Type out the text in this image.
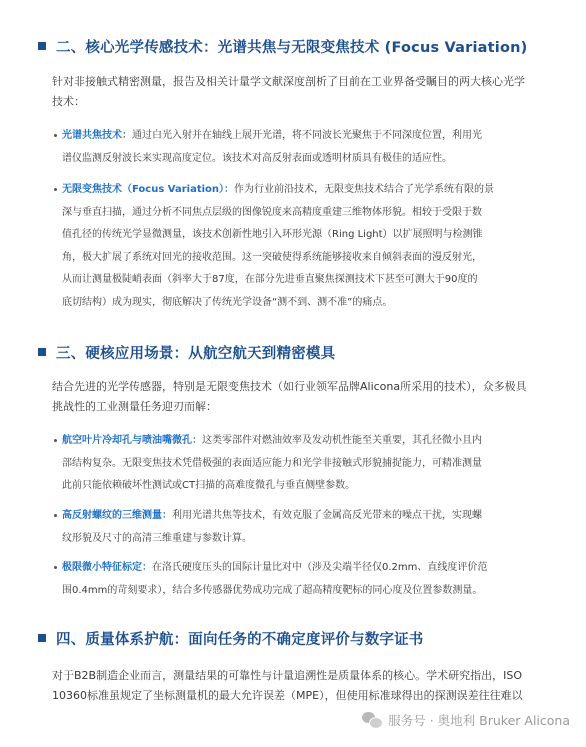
二、核心光学传感技术：光谱共焦与无限变焦技术 (Focus Variation)

针对非接触式精密测量，报告及相关计量学文献深度剖析了目前在工业界备受瞩目的两大核心光学
技术：

光谱共焦技术：通过白光入射并在轴线上展开光谱，将不同波长光聚焦于不同深度位置，利用光
谱仪监测反射波长来实现高度定位。该技术对高反射表面或透明材质具有极佳的适应性。
无限变焦技术（Focus Variation）：作为行业前沿技术，无限变焦技术结合了光学系统有限的景
深与垂直扫描，通过分析不同焦点层级的图像锐度来高精度重建三维物体形貌。相较于受限于数
值孔径的传统光学显微测量，该技术创新性地引入环形光源（Ring Light）以扩展照明与检测锥
角，极大扩展了系统对回光的接收范围。这一突破使得系统能够接收来自倾斜表面的漫反射光，
从而让测量极陡峭表面（斜率大于87度，在部分先进垂直聚焦探测技术下甚至可测大于90度的
底切结构）成为现实，彻底解决了传统光学设备“测不到、测不准”的痛点。
三、硬核应用场景：从航空航天到精密模具

结合先进的光学传感器，特别是无限变焦技术（如行业领军品牌Alicona所采用的技术），众多极具
挑战性的工业测量任务迎刃而解：

航空叶片冷却孔与喷油嘴微孔：这类零部件对燃油效率及发动机性能至关重要，其孔径微小且内
部结构复杂。无限变焦技术凭借极强的表面适应能力和光学非接触式形貌捕捉能力，可精准测量
此前只能依赖破坏性测试或CT扫描的高难度微孔与垂直侧壁参数。
高反射螺纹的三维测量：利用光谱共焦等技术，有效克服了金属高反光带来的噪点干扰，实现螺
纹形貌及尺寸的高清三维重建与参数计算。
极限微小特征标定：在洛氏硬度压头的国际计量比对中（涉及尖端半径仅0.2mm、直线度评价范
围0.4mm的苛刻要求），结合多传感器优势成功完成了超高精度靶标的同心度及位置参数测量。
四、质量体系护航：面向任务的不确定度评价与数字证书

对于B2B制造企业而言，测量结果的可靠性与计量追溯性是质量体系的核心。学术研究指出，ISO
10360标准虽规定了坐标测量机的最大允许误差（MPE），但使用标准球得出的探测误差往往难以

服务号 · 奥地利 Bruker Alicona
